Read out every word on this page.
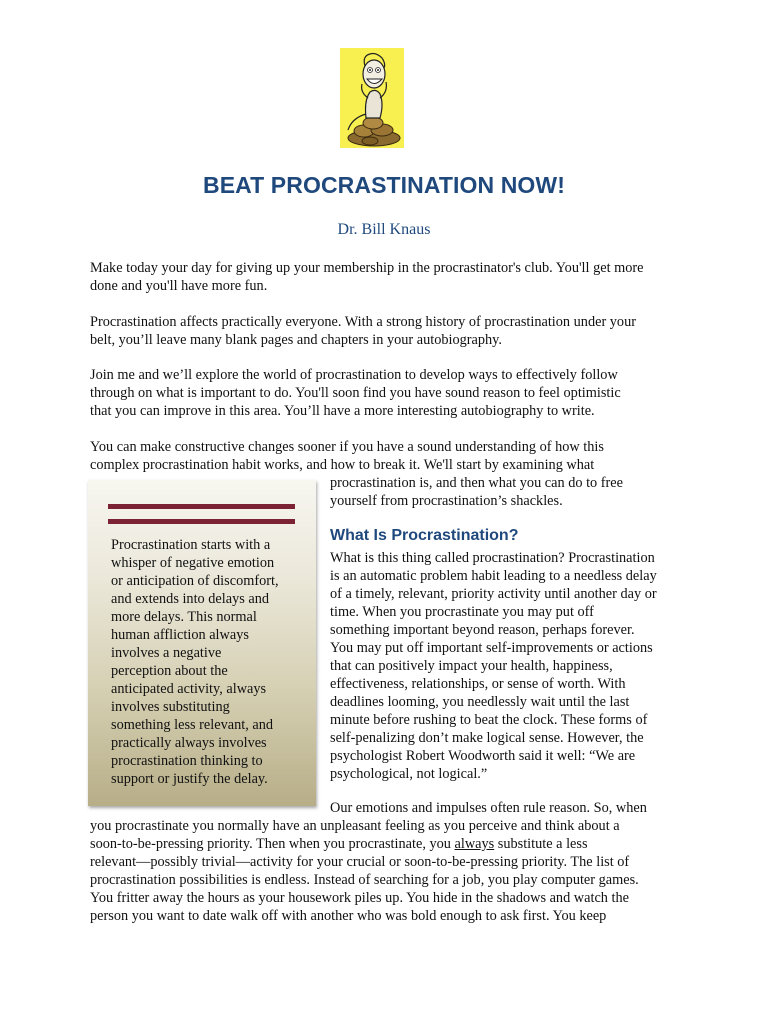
BEAT PROCRASTINATION NOW!
Dr. Bill Knaus

Make today your day for giving up your membership in the procrastinator's club. You'll get more
done and you'll have more fun.

Procrastination affects practically everyone. With a strong history of procrastination under your
belt, you’ll leave many blank pages and chapters in your autobiography.

Join me and we’ll explore the world of procrastination to develop ways to effectively follow
through on what is important to do. You'll soon find you have sound reason to feel optimistic
that you can improve in this area. You’ll have a more interesting autobiography to write.

You can make constructive changes sooner if you have a sound understanding of how this
complex procrastination habit works, and how to break it. We'll start by examining what

procrastination is, and then what you can do to free
yourself from procrastination’s shackles.

Procrastination starts with a
whisper of negative emotion
or anticipation of discomfort,
and extends into delays and
more delays. This normal
human affliction always
involves a negative
perception about the
anticipated activity, always
involves substituting
something less relevant, and
practically always involves
procrastination thinking to
support or justify the delay.
What Is Procrastination?

What is this thing called procrastination? Procrastination
is an automatic problem habit leading to a needless delay
of a timely, relevant, priority activity until another day or
time. When you procrastinate you may put off
something important beyond reason, perhaps forever.
You may put off important self-improvements or actions
that can positively impact your health, happiness,
effectiveness, relationships, or sense of worth. With
deadlines looming, you needlessly wait until the last
minute before rushing to beat the clock. These forms of
self-penalizing don’t make logical sense. However, the
psychologist Robert Woodworth said it well: “We are
psychological, not logical.”

Our emotions and impulses often rule reason. So, when

you procrastinate you normally have an unpleasant feeling as you perceive and think about a
soon-to-be-pressing priority. Then when you procrastinate, you always substitute a less
relevant—possibly trivial—activity for your crucial or soon-to-be-pressing priority. The list of
procrastination possibilities is endless. Instead of searching for a job, you play computer games.
You fritter away the hours as your housework piles up. You hide in the shadows and watch the
person you want to date walk off with another who was bold enough to ask first. You keep
